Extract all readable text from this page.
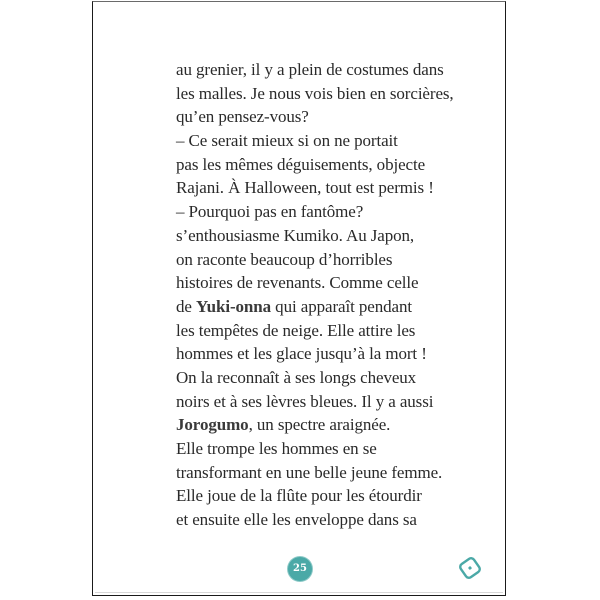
au grenier, il y a plein de costumes dans
les malles. Je nous vois bien en sorcières,
qu’en pensez-vous?
– Ce serait mieux si on ne portait
pas les mêmes déguisements, objecte
Rajani. À Halloween, tout est permis !
– Pourquoi pas en fantôme?
s’enthousiasme Kumiko. Au Japon,
on raconte beaucoup d’horribles
histoires de revenants. Comme celle
de Yuki-onna qui apparaît pendant
les tempêtes de neige. Elle attire les
hommes et les glace jusqu’à la mort !
On la reconnaît à ses longs cheveux
noirs et à ses lèvres bleues. Il y a aussi
Jorogumo, un spectre araignée.
Elle trompe les hommes en se
transformant en une belle jeune femme.
Elle joue de la flûte pour les étourdir
et ensuite elle les enveloppe dans sa
25
